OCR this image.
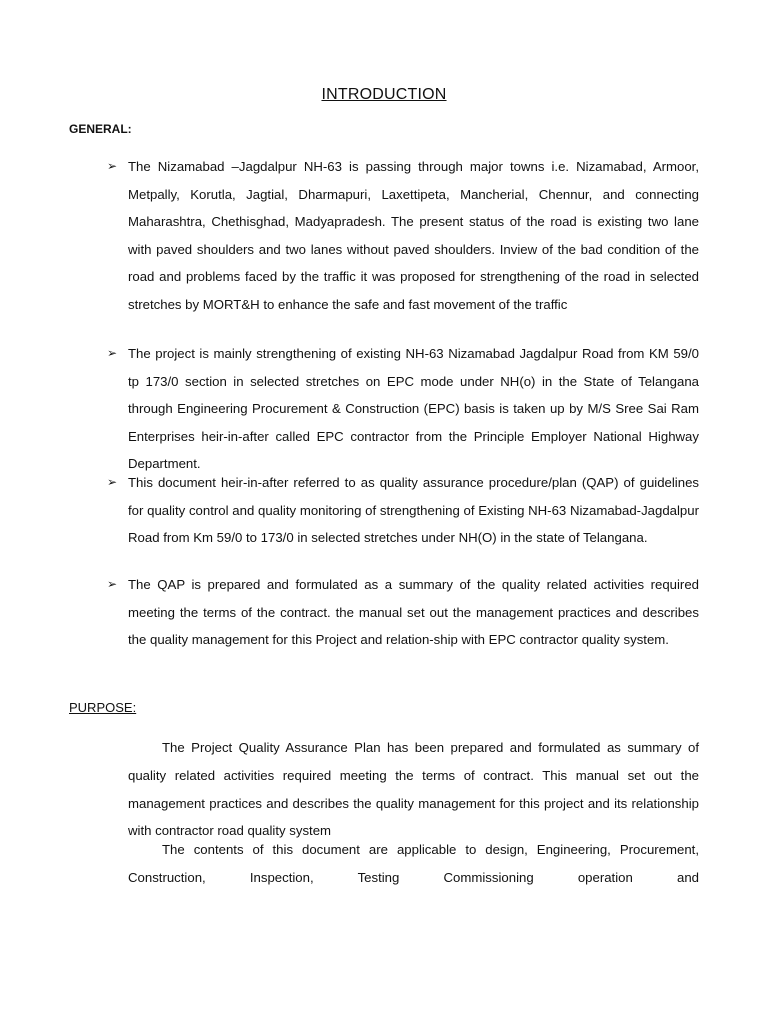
INTRODUCTION
GENERAL:
➢ The Nizamabad –Jagdalpur NH-63 is passing through major towns i.e. Nizamabad, Armoor, Metpally, Korutla, Jagtial, Dharmapuri, Laxettipeta, Mancherial, Chennur, and connecting Maharashtra, Chethisghad, Madyapradesh. The present status of the road is existing two lane with paved shoulders and two lanes without paved shoulders. Inview of the bad condition of the road and problems faced by the traffic it was proposed for strengthening of the road in selected stretches by MORT&H to enhance the safe and fast movement of the traffic
➢ The project is mainly strengthening of existing NH-63 Nizamabad Jagdalpur Road from KM 59/0 tp 173/0 section in selected stretches on EPC mode under NH(o) in the State of Telangana through Engineering Procurement & Construction (EPC) basis is taken up by M/S Sree Sai Ram Enterprises heir-in-after called EPC contractor from the Principle Employer National Highway Department.
➢ This document heir-in-after referred to as quality assurance procedure/plan (QAP) of guidelines for quality control and quality monitoring of strengthening of Existing NH-63 Nizamabad-Jagdalpur Road from Km 59/0 to 173/0 in selected stretches under NH(O) in the state of Telangana.
➢ The QAP is prepared and formulated as a summary of the quality related activities required meeting the terms of the contract. the manual set out the management practices and describes the quality management for this Project and relation-ship with EPC contractor quality system.
PURPOSE:
The Project Quality Assurance Plan has been prepared and formulated as summary of quality related activities required meeting the terms of contract. This manual set out the management practices and describes the quality management for this project and its relationship with contractor road quality system
The contents of this document are applicable to design, Engineering, Procurement, Construction, Inspection, Testing Commissioning operation and
